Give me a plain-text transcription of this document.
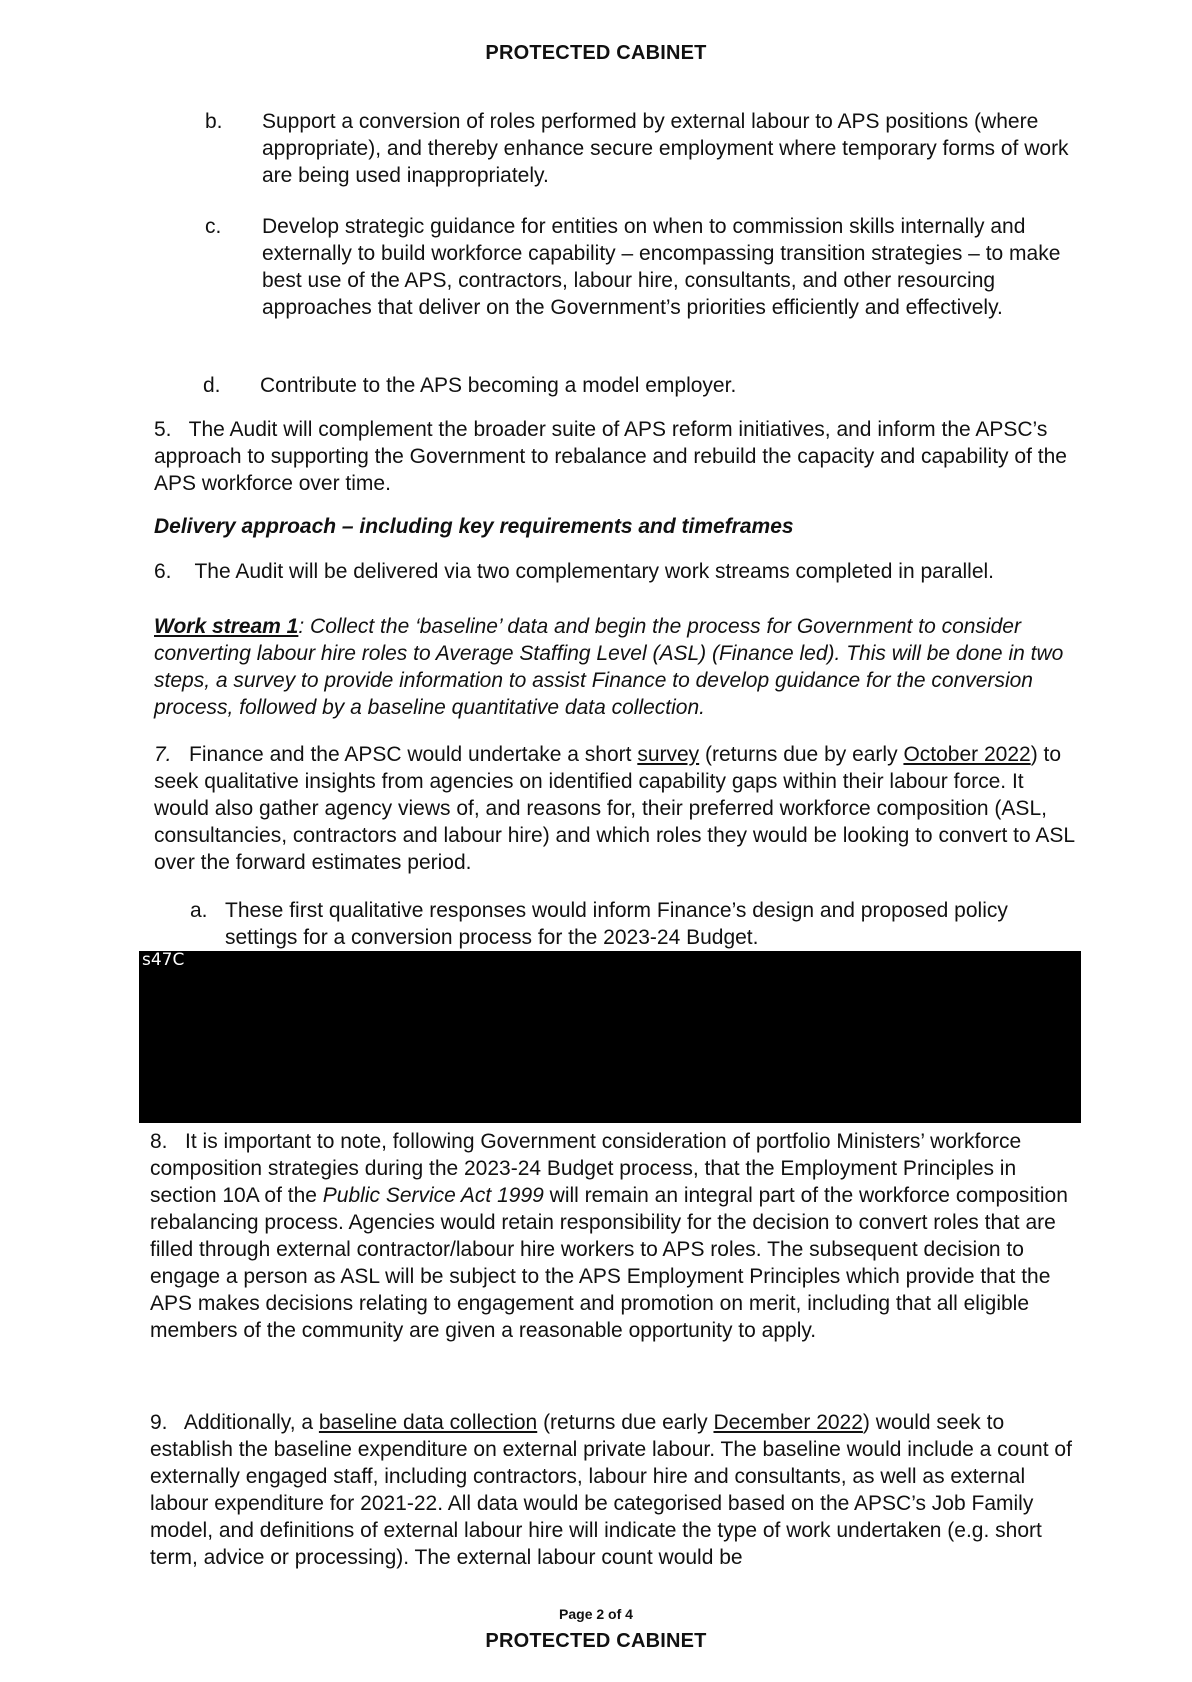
PROTECTED CABINET
b. Support a conversion of roles performed by external labour to APS positions (where appropriate), and thereby enhance secure employment where temporary forms of work are being used inappropriately.
c. Develop strategic guidance for entities on when to commission skills internally and externally to build workforce capability – encompassing transition strategies – to make best use of the APS, contractors, labour hire, consultants, and other resourcing approaches that deliver on the Government’s priorities efficiently and effectively.
d. Contribute to the APS becoming a model employer.
5. The Audit will complement the broader suite of APS reform initiatives, and inform the APSC’s approach to supporting the Government to rebalance and rebuild the capacity and capability of the APS workforce over time.
Delivery approach – including key requirements and timeframes
6. The Audit will be delivered via two complementary work streams completed in parallel.
Work stream 1: Collect the ‘baseline’ data and begin the process for Government to consider converting labour hire roles to Average Staffing Level (ASL) (Finance led). This will be done in two steps, a survey to provide information to assist Finance to develop guidance for the conversion process, followed by a baseline quantitative data collection.
7. Finance and the APSC would undertake a short survey (returns due by early October 2022) to seek qualitative insights from agencies on identified capability gaps within their labour force. It would also gather agency views of, and reasons for, their preferred workforce composition (ASL, consultancies, contractors and labour hire) and which roles they would be looking to convert to ASL over the forward estimates period.
a. These first qualitative responses would inform Finance’s design and proposed policy settings for a conversion process for the 2023-24 Budget.
s47C
8. It is important to note, following Government consideration of portfolio Ministers’ workforce composition strategies during the 2023-24 Budget process, that the Employment Principles in section 10A of the Public Service Act 1999 will remain an integral part of the workforce composition rebalancing process. Agencies would retain responsibility for the decision to convert roles that are filled through external contractor/labour hire workers to APS roles. The subsequent decision to engage a person as ASL will be subject to the APS Employment Principles which provide that the APS makes decisions relating to engagement and promotion on merit, including that all eligible members of the community are given a reasonable opportunity to apply.
9. Additionally, a baseline data collection (returns due early December 2022) would seek to establish the baseline expenditure on external private labour. The baseline would include a count of externally engaged staff, including contractors, labour hire and consultants, as well as external labour expenditure for 2021-22. All data would be categorised based on the APSC’s Job Family model, and definitions of external labour hire will indicate the type of work undertaken (e.g. short term, advice or processing). The external labour count would be
Page 2 of 4
PROTECTED CABINET
